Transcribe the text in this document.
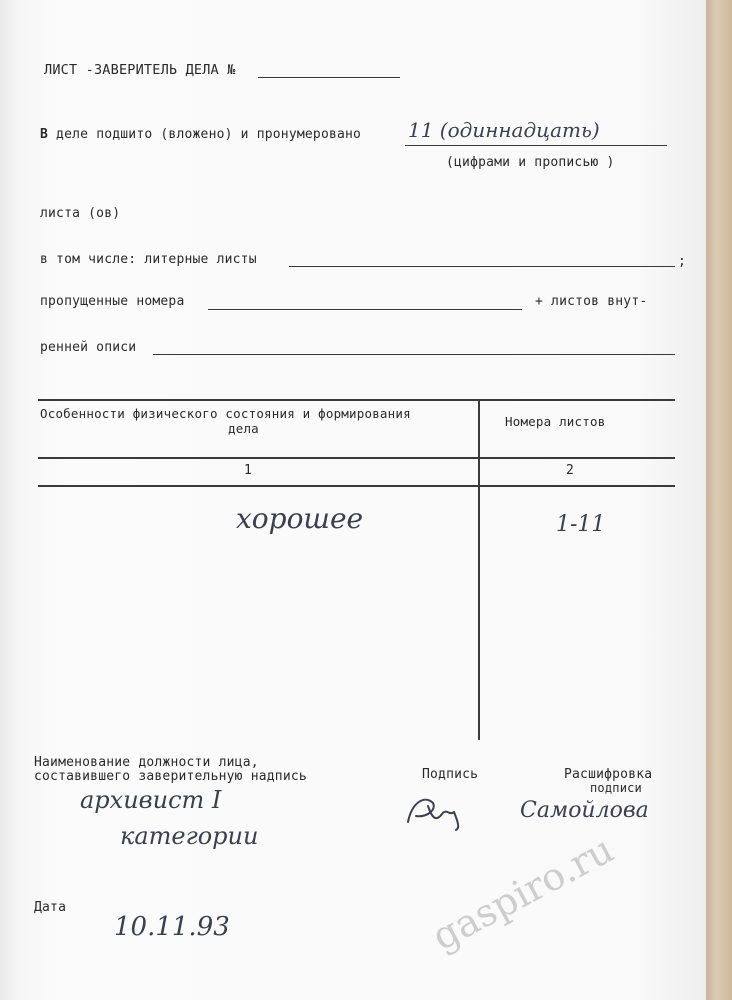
ЛИСТ -ЗАВЕРИТЕЛЬ ДЕЛА №
В деле подшито (вложено) и пронумеровано 11 (одиннадцать)
(цифрами и прописью )
листа (ов)
в том числе: литерные листы	;
пропущенные номера	+ листов внут-
ренней описи
Особенности физического состояния и формирования
дела	Номера листов
1	2
хорошее	1-11
Наименование должности лица,
составившего заверительную надпись	Подпись	Расшифровка
подписи
архивист I
категории
Самойлова
Дата
10.11.93	gaspiro.ru
